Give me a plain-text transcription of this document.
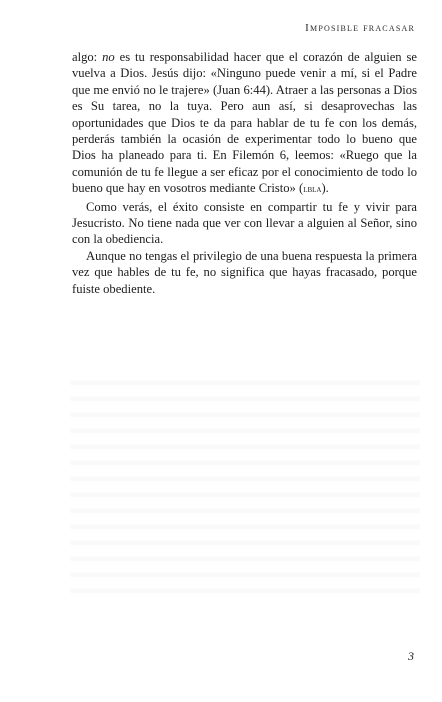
Imposible fracasar

algo: no es tu responsabilidad hacer que el corazón de alguien se vuelva a Dios. Jesús dijo: «Ninguno puede venir a mí, si el Padre que me envió no le trajere» (Juan 6:44). Atraer a las personas a Dios es Su tarea, no la tuya. Pero aun así, si desaprovechas las oportunidades que Dios te da para hablar de tu fe con los demás, perderás también la ocasión de experimentar todo lo bueno que Dios ha planeado para ti. En Filemón 6, leemos: «Ruego que la comunión de tu fe llegue a ser eficaz por el conocimiento de todo lo bueno que hay en vosotros mediante Cristo» (lbla).

Como verás, el éxito consiste en compartir tu fe y vivir para Jesucristo. No tiene nada que ver con llevar a alguien al Señor, sino con la obediencia.

Aunque no tengas el privilegio de una buena respuesta la primera vez que hables de tu fe, no significa que hayas fracasado, porque fuiste obediente.

3
